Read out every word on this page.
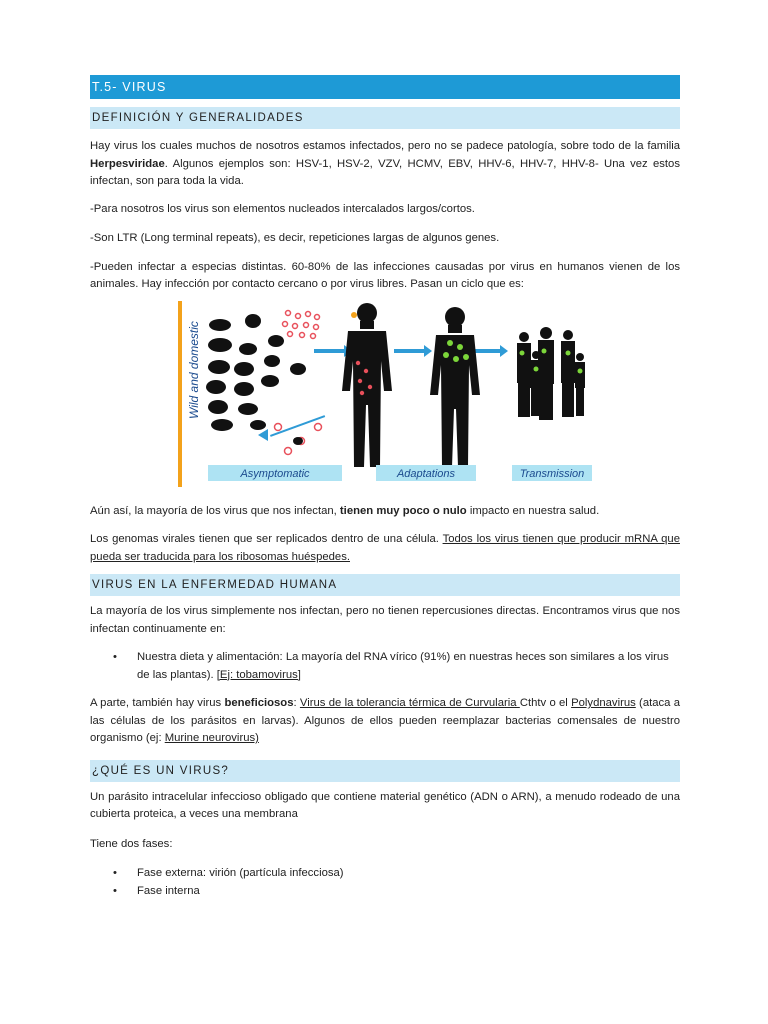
T.5- VIRUS
DEFINICIÓN Y GENERALIDADES

Hay virus los cuales muchos de nosotros estamos infectados, pero no se padece patología, sobre todo de la familia Herpesviridae. Algunos ejemplos son: HSV-1, HSV-2, VZV, HCMV, EBV, HHV-6, HHV-7, HHV-8- Una vez estos infectan, son para toda la vida.

-Para nosotros los virus son elementos nucleados intercalados largos/cortos.

-Son LTR (Long terminal repeats), es decir, repeticiones largas de algunos genes.

-Pueden infectar a especias distintas. 60-80% de las infecciones causadas por virus en humanos vienen de los animales. Hay infección por contacto cercano o por virus libres. Pasan un ciclo que es:

Wild and domestic
Asymptomatic	Adaptations	Transmission

Aún así, la mayoría de los virus que nos infectan, tienen muy poco o nulo impacto en nuestra salud.

Los genomas virales tienen que ser replicados dentro de una célula. Todos los virus tienen que producir mRNA que pueda ser traducida para los ribosomas huéspedes.

VIRUS EN LA ENFERMEDAD HUMANA

La mayoría de los virus simplemente nos infectan, pero no tienen repercusiones directas. Encontramos virus que nos infectan continuamente en:

• Nuestra dieta y alimentación: La mayoría del RNA vírico (91%) en nuestras heces son similares a los virus de las plantas). [Ej: tobamovirus]

A parte, también hay virus beneficiosos: Virus de la tolerancia térmica de Curvularia Cthtv o el Polydnavirus (ataca a las células de los parásitos en larvas). Algunos de ellos pueden reemplazar bacterias comensales de nuestro organismo (ej: Murine neurovirus)

¿QUÉ ES UN VIRUS?

Un parásito intracelular infeccioso obligado que contiene material genético (ADN o ARN), a menudo rodeado de una cubierta proteica, a veces una membrana

Tiene dos fases:

• Fase externa: virión (partícula infecciosa)
• Fase interna
